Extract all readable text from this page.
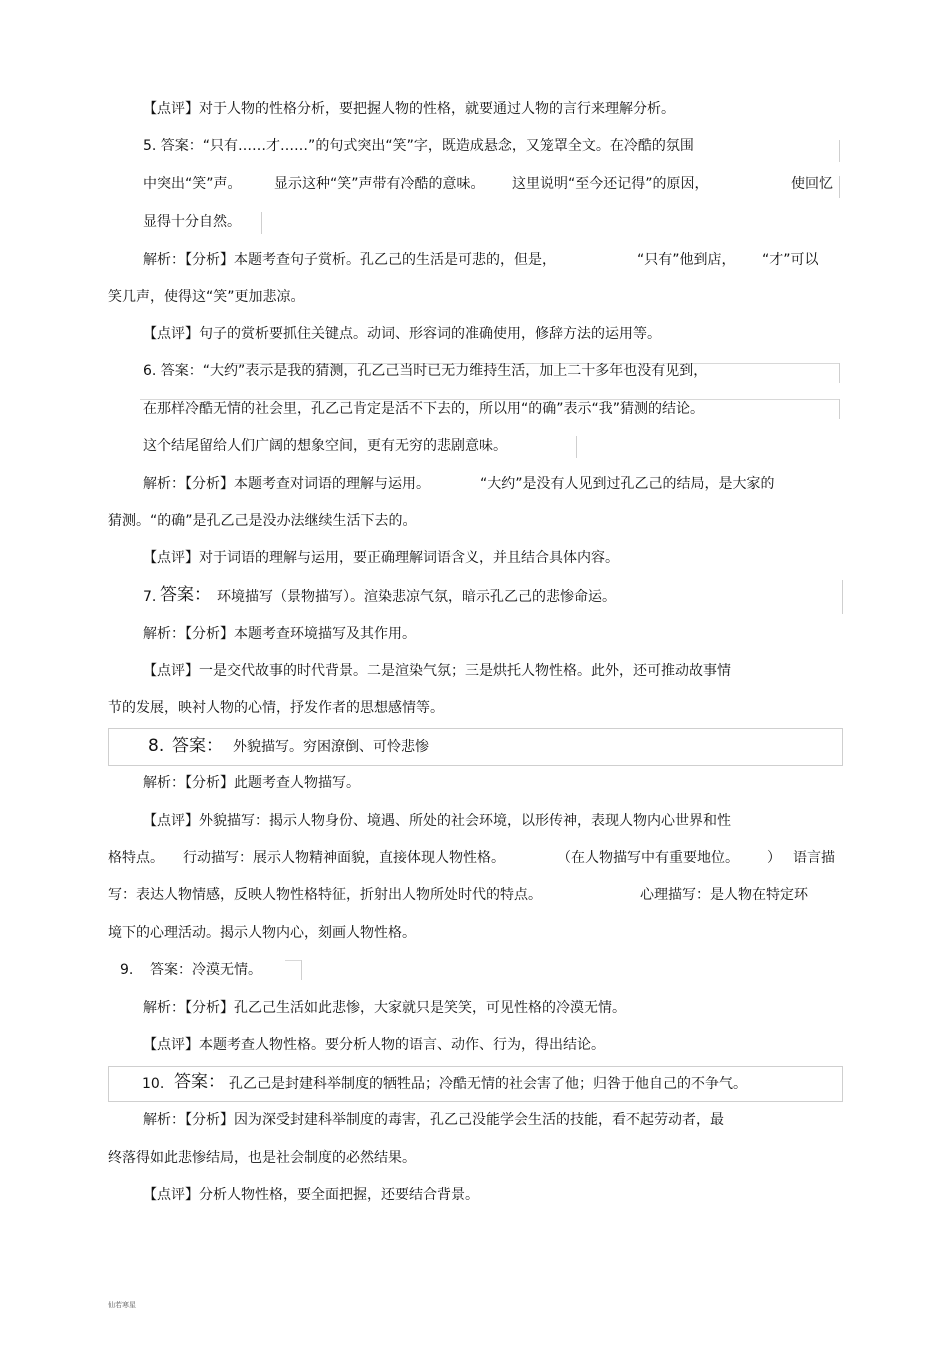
【点评】对于人物的性格分析，要把握人物的性格，就要通过人物的言行来理解分析。
5. 答案：“只有……才……”的句式突出“笑”字，既造成悬念，又笼罩全文。在冷酷的氛围
中突出“笑”声。 显示这种“笑”声带有冷酷的意味。 这里说明“至今还记得”的原因，	使回忆
显得十分自然。
解析：【分析】本题考查句子赏析。孔乙己的生活是可悲的，但是，	“只有”他到店， “才”可以
笑几声，使得这“笑”更加悲凉。
【点评】句子的赏析要抓住关键点。动词、形容词的准确使用，修辞方法的运用等。
6. 答案：“大约”表示是我的猜测，孔乙己当时已无力维持生活，加上二十多年也没有见到，
在那样冷酷无情的社会里，孔乙己肯定是活不下去的，所以用“的确”表示“我”猜测的结论。
这个结尾留给人们广阔的想象空间，更有无穷的悲剧意味。
解析：【分析】本题考查对词语的理解与运用。	“大约”是没有人见到过孔乙己的结局，是大家的
猜测。“的确”是孔乙己是没办法继续生活下去的。
【点评】对于词语的理解与运用，要正确理解词语含义，并且结合具体内容。
7. 答案： 环境描写（景物描写）。渲染悲凉气氛，暗示孔乙己的悲惨命运。
解析：【分析】本题考查环境描写及其作用。
【点评】一是交代故事的时代背景。二是渲染气氛；三是烘托人物性格。此外，还可推动故事情
节的发展，映衬人物的心情，抒发作者的思想感情等。
8. 答案： 外貌描写。穷困潦倒、可怜悲惨
解析：【分析】此题考查人物描写。
【点评】外貌描写：揭示人物身份、境遇、所处的社会环境，以形传神，表现人物内心世界和性
格特点。 行动描写：展示人物精神面貌，直接体现人物性格。	（在人物描写中有重要地位。 ） 语言描
写：表达人物情感，反映人物性格特征，折射出人物所处时代的特点。	心理描写：是人物在特定环
境下的心理活动。揭示人物内心，刻画人物性格。
9. 答案：冷漠无情。
解析：【分析】孔乙己生活如此悲惨，大家就只是笑笑，可见性格的冷漠无情。
【点评】本题考查人物性格。要分析人物的语言、动作、行为，得出结论。
10. 答案： 孔乙己是封建科举制度的牺牲品；冷酷无情的社会害了他；归咎于他自己的不争气。
解析：【分析】因为深受封建科举制度的毒害，孔乙己没能学会生活的技能，看不起劳动者，最
终落得如此悲惨结局，也是社会制度的必然结果。
【点评】分析人物性格，要全面把握，还要结合背景。
仙若寒星
